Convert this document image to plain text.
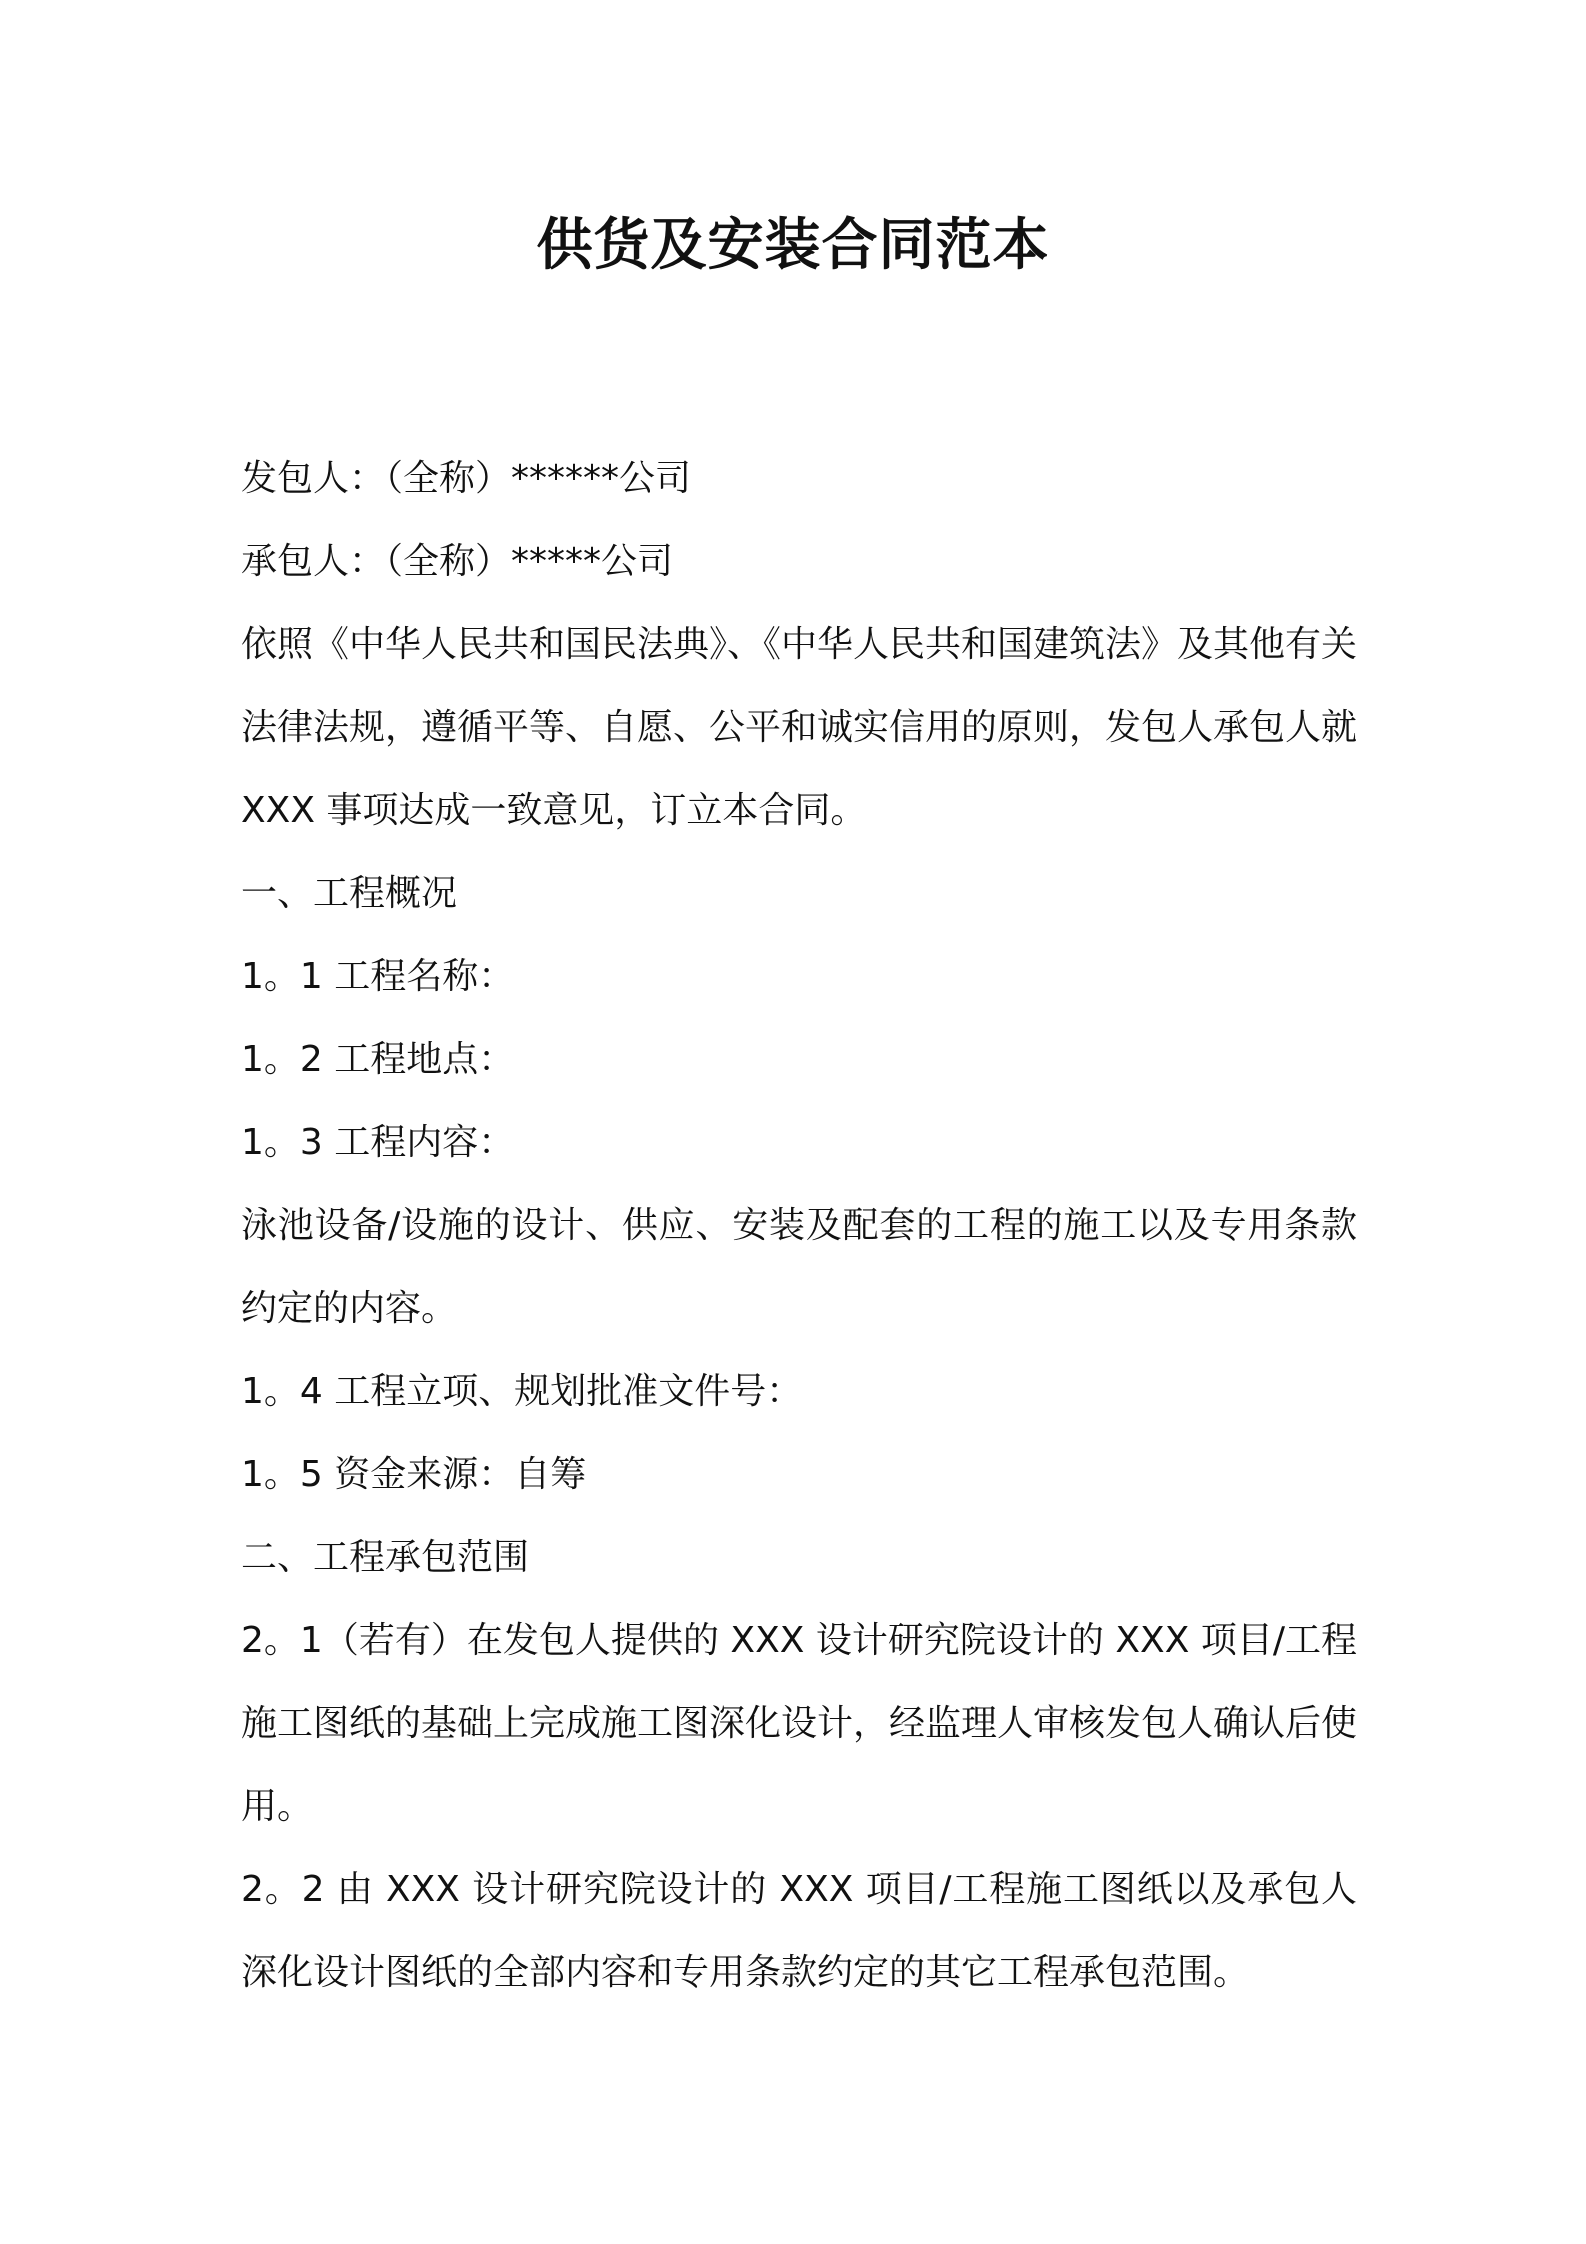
供货及安装合同范本

发包人：（全称）******公司

承包人：（全称）*****公司

依照《中华人民共和国民法典》、《中华人民共和国建筑法》及其他有关法律法规，遵循平等、自愿、公平和诚实信用的原则，发包人承包人就 XXX 事项达成一致意见，订立本合同。

一、工程概况

1。1 工程名称：

1。2 工程地点：

1。3 工程内容：

泳池设备/设施的设计、供应、安装及配套的工程的施工以及专用条款约定的内容。

1。4 工程立项、规划批准文件号：

1。5 资金来源：自筹

二、工程承包范围

2。1（若有）在发包人提供的 XXX 设计研究院设计的 XXX 项目/工程施工图纸的基础上完成施工图深化设计，经监理人审核发包人确认后使用。

2。2 由 XXX 设计研究院设计的 XXX 项目/工程施工图纸以及承包人深化设计图纸的全部内容和专用条款约定的其它工程承包范围。
